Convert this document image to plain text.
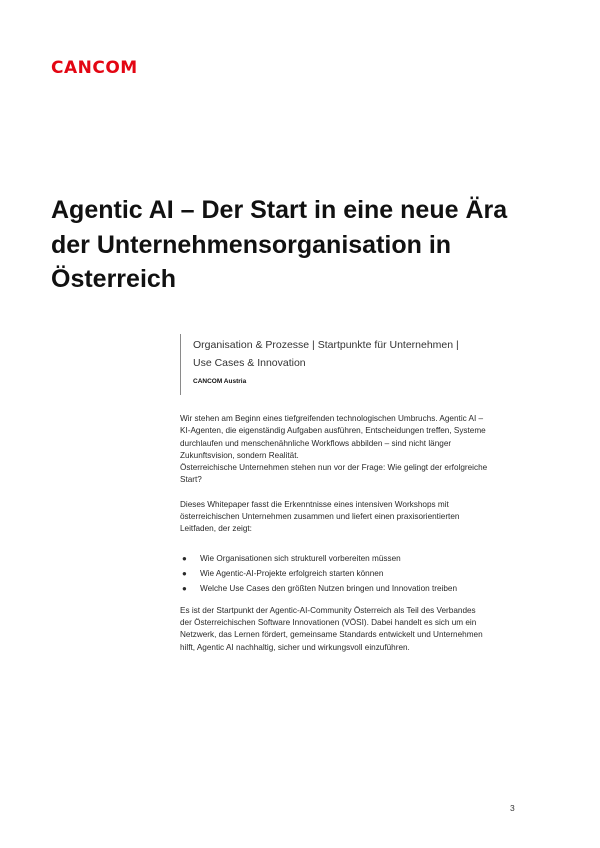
CANCOM
Agentic AI – Der Start in eine neue Ära
der Unternehmensorganisation in
Österreich

Organisation & Prozesse | Startpunkte für Unternehmen |
Use Cases & Innovation

CANCOM Austria

Wir stehen am Beginn eines tiefgreifenden technologischen Umbruchs. Agentic AI –
KI-Agenten, die eigenständig Aufgaben ausführen, Entscheidungen treffen, Systeme
durchlaufen und menschenähnliche Workflows abbilden – sind nicht länger
Zukunftsvision, sondern Realität.
Österreichische Unternehmen stehen nun vor der Frage: Wie gelingt der erfolgreiche
Start?

Dieses Whitepaper fasst die Erkenntnisse eines intensiven Workshops mit
österreichischen Unternehmen zusammen und liefert einen praxisorientierten
Leitfaden, der zeigt:

● Wie Organisationen sich strukturell vorbereiten müssen
● Wie Agentic-AI-Projekte erfolgreich starten können
● Welche Use Cases den größten Nutzen bringen und Innovation treiben

Es ist der Startpunkt der Agentic-AI-Community Österreich als Teil des Verbandes
der Österreichischen Software Innovationen (VÖSI). Dabei handelt es sich um ein
Netzwerk, das Lernen fördert, gemeinsame Standards entwickelt und Unternehmen
hilft, Agentic AI nachhaltig, sicher und wirkungsvoll einzuführen.

3
